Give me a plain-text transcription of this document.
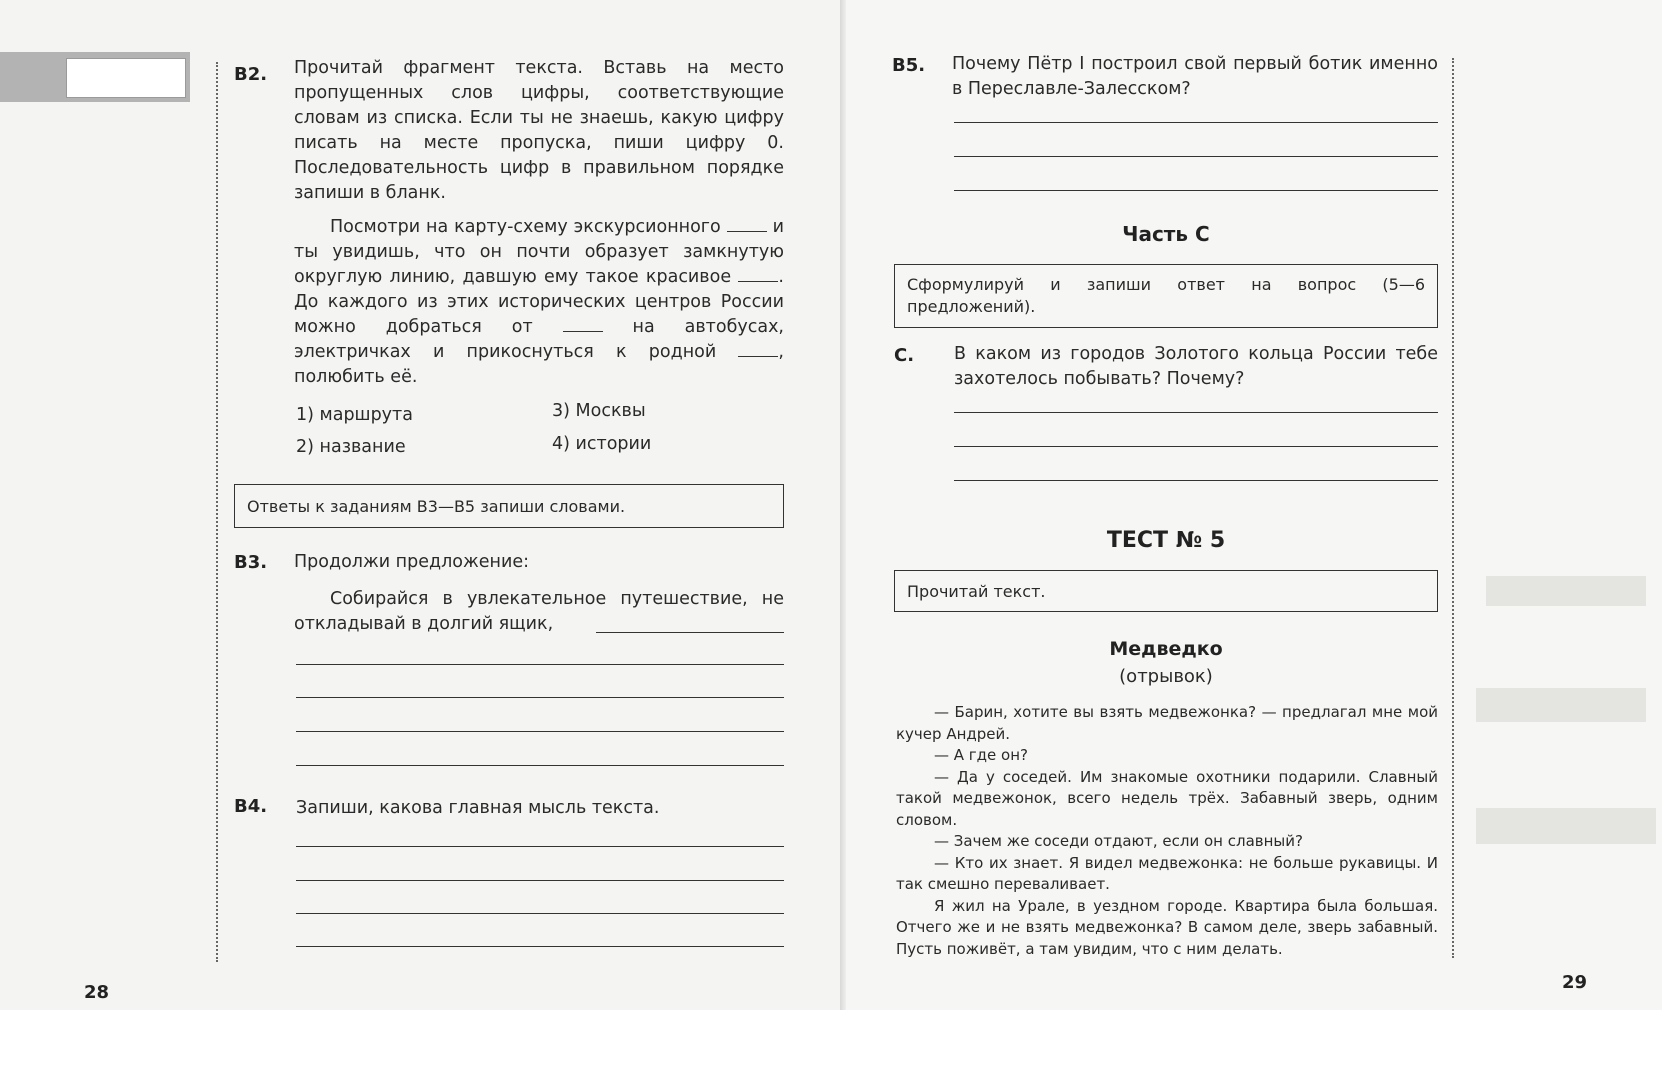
B2. Прочитай фрагмент текста. Вставь на место пропущенных слов цифры, соответствующие словам из списка. Если ты не знаешь, какую цифру писать на месте пропуска, пиши цифру 0. Последовательность цифр в правильном порядке запиши в бланк.

Посмотри на карту-схему экскурсионного	и ты увидишь, что он почти образует замкнутую округлую линию, давшую ему такое красивое	. До каждого из этих исторических центров России можно добраться от	на автобусах, электричках и прикоснуться к родной	, полюбить её.

1) маршрута
2) название
3) Москвы
4) истории
Ответы к заданиям В3—В5 запиши словами.
B3. Продолжи предложение:

Собирайся в увлекательное путешествие, не откладывай в долгий ящик,

B4. Запиши, какова главная мысль текста.
28
B5. Почему Пётр I построил свой первый ботик именно в Переславле-Залесском?
Часть С
Сформулируй и запиши ответ на вопрос (5—6 предложений).
С. В каком из городов Золотого кольца России тебе захотелось побывать? Почему?
ТЕСТ № 5
Прочитай текст.
Медведко
(отрывок)

— Барин, хотите вы взять медвежонка? — предлагал мне мой кучер Андрей.

— А где он?

— Да у соседей. Им знакомые охотники подарили. Славный такой медвежонок, всего недель трёх. Забавный зверь, одним словом.

— Зачем же соседи отдают, если он славный?

— Кто их знает. Я видел медвежонка: не больше рукавицы. И так смешно переваливает.

Я жил на Урале, в уездном городе. Квартира была большая. Отчего же и не взять медвежонка? В самом деле, зверь забавный. Пусть поживёт, а там увидим, что с ним делать.

29
